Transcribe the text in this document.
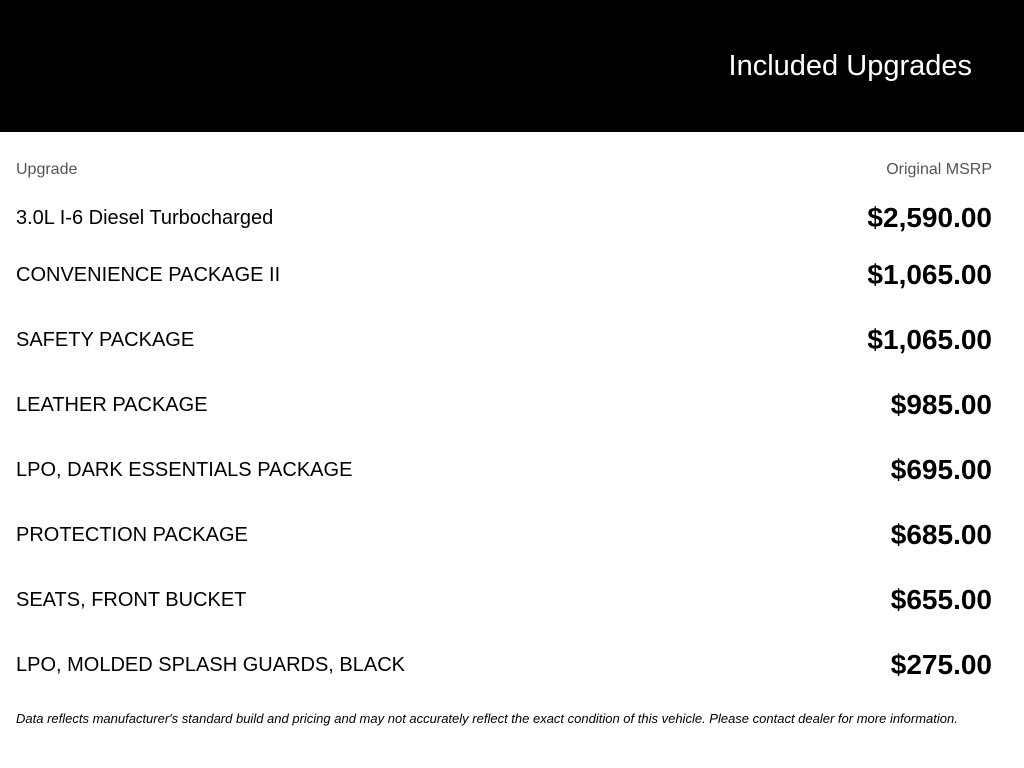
Included Upgrades
Upgrade	Original MSRP
3.0L I-6 Diesel Turbocharged	$2,590.00
CONVENIENCE PACKAGE II	$1,065.00
SAFETY PACKAGE	$1,065.00
LEATHER PACKAGE	$985.00
LPO, DARK ESSENTIALS PACKAGE	$695.00
PROTECTION PACKAGE	$685.00
SEATS, FRONT BUCKET	$655.00
LPO, MOLDED SPLASH GUARDS, BLACK	$275.00
Data reflects manufacturer's standard build and pricing and may not accurately reflect the exact condition of this vehicle. Please contact dealer for more information.
